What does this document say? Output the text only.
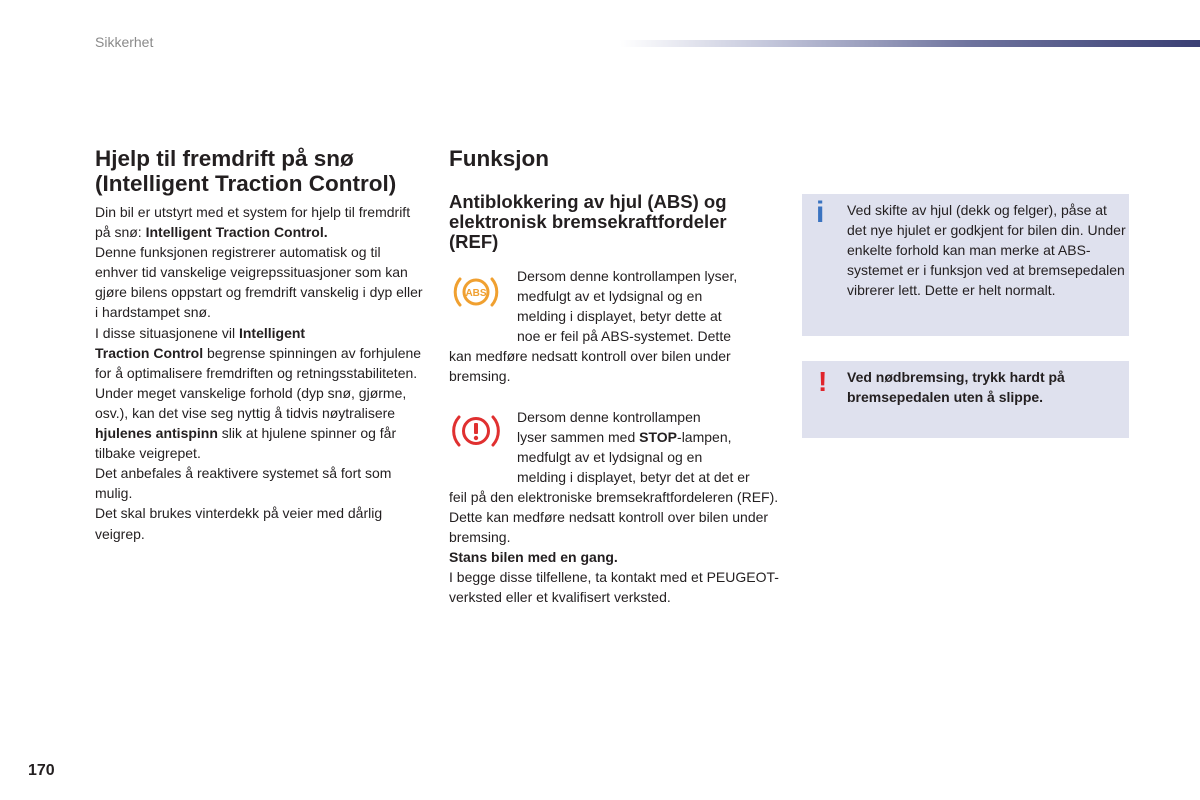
Sikkerhet
Hjelp til fremdrift på snø
(Intelligent Traction Control)
Din bil er utstyrt med et system for hjelp til fremdrift på snø: Intelligent Traction Control.
Denne funksjonen registrerer automatisk og til enhver tid vanskelige veigrepssituasjoner som kan gjøre bilens oppstart og fremdrift vanskelig i dyp eller i hardstampet snø.
I disse situasjonene vil Intelligent
Traction Control begrense spinningen av forhjulene for å optimalisere fremdriften og retningsstabiliteten.
Under meget vanskelige forhold (dyp snø, gjørme, osv.), kan det vise seg nyttig å tidvis nøytralisere hjulenes antispinn slik at hjulene spinner og får tilbake veigrepet.
Det anbefales å reaktivere systemet så fort som mulig.
Det skal brukes vinterdekk på veier med dårlig veigrep.
Funksjon
Antiblokkering av hjul (ABS) og
elektronisk bremsekraftfordeler
(REF)
ABS
Dersom denne kontrollampen lyser,
medfulgt av et lydsignal og en
melding i displayet, betyr dette at
noe er feil på ABS-systemet. Dette
kan medføre nedsatt kontroll over bilen under bremsing.
Dersom denne kontrollampen
lyser sammen med STOP-lampen,
medfulgt av et lydsignal og en
melding i displayet, betyr det at det er
feil på den elektroniske bremsekraftfordeleren (REF). Dette kan medføre nedsatt kontroll over bilen under bremsing.
Stans bilen med en gang.
I begge disse tilfellene, ta kontakt med et PEUGEOT-verksted eller et kvalifisert verksted.
i Ved skifte av hjul (dekk og felger), påse at det nye hjulet er godkjent for bilen din. Under enkelte forhold kan man merke at ABS-systemet er i funksjon ved at bremsepedalen vibrerer lett. Dette er helt normalt.
! Ved nødbremsing, trykk hardt på bremsepedalen uten å slippe.
170
